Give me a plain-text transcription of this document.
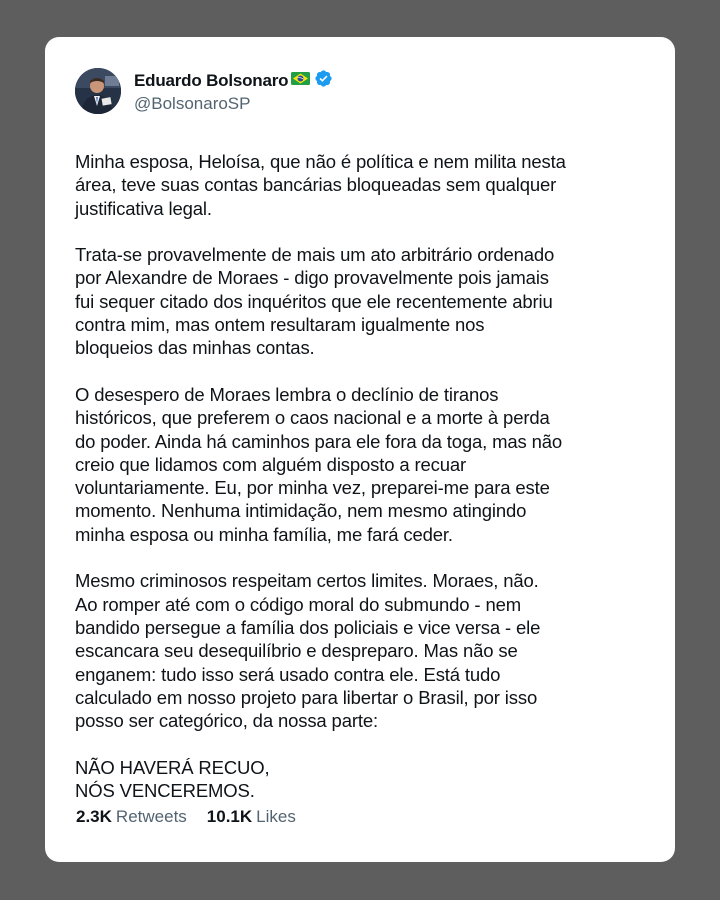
Eduardo Bolsonaro
@BolsonaroSP

Minha esposa, Heloísa, que não é política e nem milita nesta
área, teve suas contas bancárias bloqueadas sem qualquer
justificativa legal.

Trata-se provavelmente de mais um ato arbitrário ordenado
por Alexandre de Moraes - digo provavelmente pois jamais
fui sequer citado dos inquéritos que ele recentemente abriu
contra mim, mas ontem resultaram igualmente nos
bloqueios das minhas contas.

O desespero de Moraes lembra o declínio de tiranos
históricos, que preferem o caos nacional e a morte à perda
do poder. Ainda há caminhos para ele fora da toga, mas não
creio que lidamos com alguém disposto a recuar
voluntariamente. Eu, por minha vez, preparei-me para este
momento. Nenhuma intimidação, nem mesmo atingindo
minha esposa ou minha família, me fará ceder.

Mesmo criminosos respeitam certos limites. Moraes, não.
Ao romper até com o código moral do submundo - nem
bandido persegue a família dos policiais e vice versa - ele
escancara seu desequilíbrio e despreparo. Mas não se
enganem: tudo isso será usado contra ele. Está tudo
calculado em nosso projeto para libertar o Brasil, por isso
posso ser categórico, da nossa parte:

NÃO HAVERÁ RECUO,
NÓS VENCEREMOS.

2.3K Retweets 10.1K Likes
